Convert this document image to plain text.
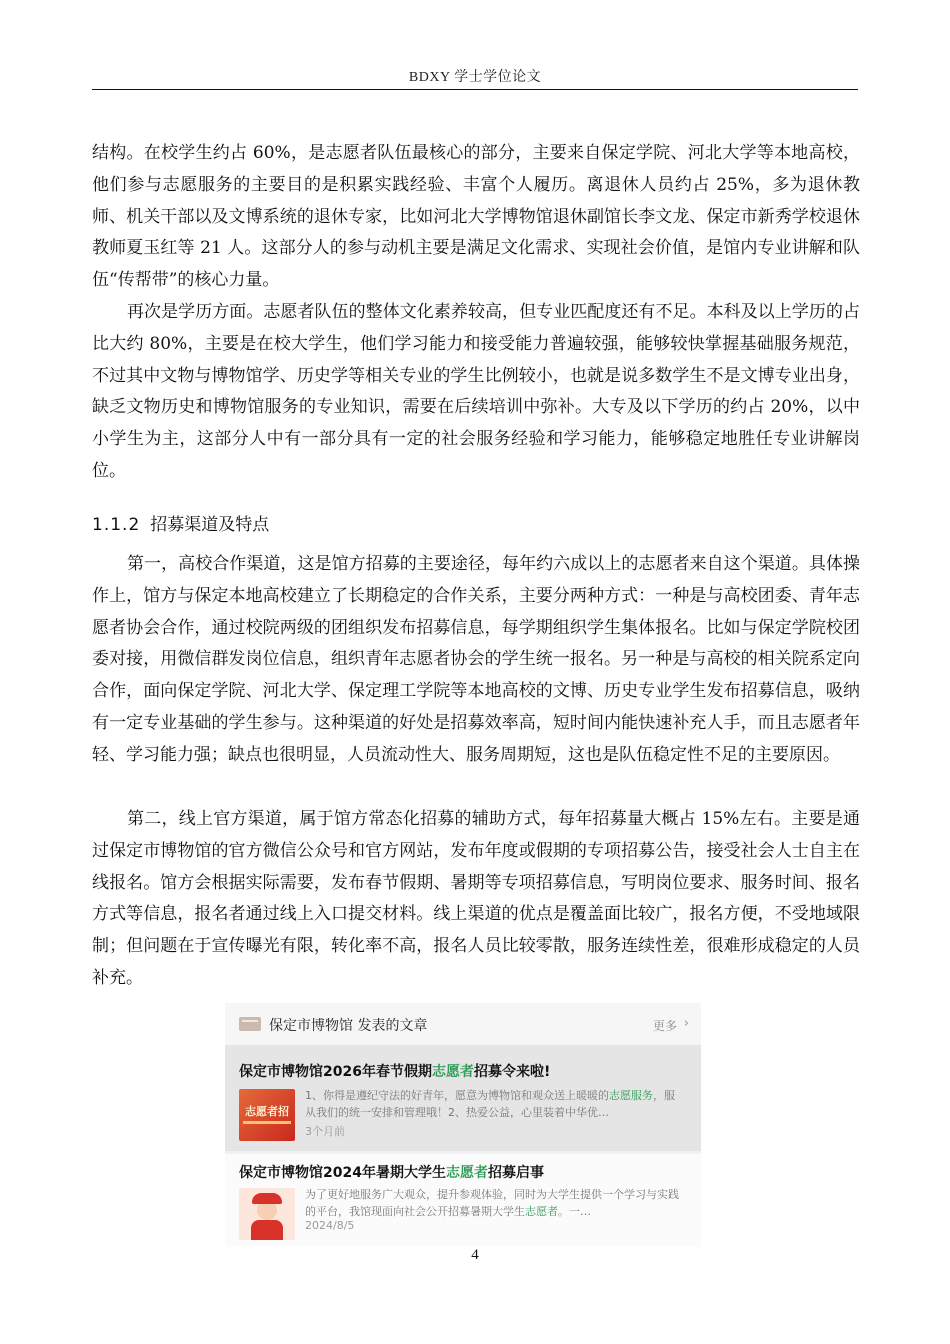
BDXY 学士学位论文

结构。在校学生约占 60%，是志愿者队伍最核心的部分，主要来自保定学院、河北大学等本地高校，他们参与志愿服务的主要目的是积累实践经验、丰富个人履历。离退休人员约占 25%，多为退休教师、机关干部以及文博系统的退休专家，比如河北大学博物馆退休副馆长李文龙、保定市新秀学校退休教师夏玉红等 21 人。这部分人的参与动机主要是满足文化需求、实现社会价值，是馆内专业讲解和队伍“传帮带”的核心力量。

再次是学历方面。志愿者队伍的整体文化素养较高，但专业匹配度还有不足。本科及以上学历的占比大约 80%，主要是在校大学生，他们学习能力和接受能力普遍较强，能够较快掌握基础服务规范，不过其中文物与博物馆学、历史学等相关专业的学生比例较小，也就是说多数学生不是文博专业出身，缺乏文物历史和博物馆服务的专业知识，需要在后续培训中弥补。大专及以下学历的约占 20%，以中小学生为主，这部分人中有一部分具有一定的社会服务经验和学习能力，能够稳定地胜任专业讲解岗位。

1.1.2 招募渠道及特点

第一，高校合作渠道，这是馆方招募的主要途径，每年约六成以上的志愿者来自这个渠道。具体操作上，馆方与保定本地高校建立了长期稳定的合作关系，主要分两种方式：一种是与高校团委、青年志愿者协会合作，通过校院两级的团组织发布招募信息，每学期组织学生集体报名。比如与保定学院校团委对接，用微信群发岗位信息，组织青年志愿者协会的学生统一报名。另一种是与高校的相关院系定向合作，面向保定学院、河北大学、保定理工学院等本地高校的文博、历史专业学生发布招募信息，吸纳有一定专业基础的学生参与。这种渠道的好处是招募效率高，短时间内能快速补充人手，而且志愿者年轻、学习能力强；缺点也很明显，人员流动性大、服务周期短，这也是队伍稳定性不足的主要原因。

第二，线上官方渠道，属于馆方常态化招募的辅助方式，每年招募量大概占 15%左右。主要是通过保定市博物馆的官方微信公众号和官方网站，发布年度或假期的专项招募公告，接受社会人士自主在线报名。馆方会根据实际需要，发布春节假期、暑期等专项招募信息，写明岗位要求、服务时间、报名方式等信息，报名者通过线上入口提交材料。线上渠道的优点是覆盖面比较广，报名方便，不受地域限制；但问题在于宣传曝光有限，转化率不高，报名人员比较零散，服务连续性差，很难形成稳定的人员补充。

保定市博物馆 发表的文章	更多 ›
保定市博物馆2026年春节假期志愿者招募令来啦!
志愿者招
1、你得是遵纪守法的好青年，愿意为博物馆和观众送上暖暖的志愿服务，服从我们的统一安排和管理哦！2、热爱公益，心里装着中华优…
3个月前
保定市博物馆2024年暑期大学生志愿者招募启事
为了更好地服务广大观众，提升参观体验，同时为大学生提供一个学习与实践的平台，我馆现面向社会公开招募暑期大学生志愿者。一…
2024/8/5
4
